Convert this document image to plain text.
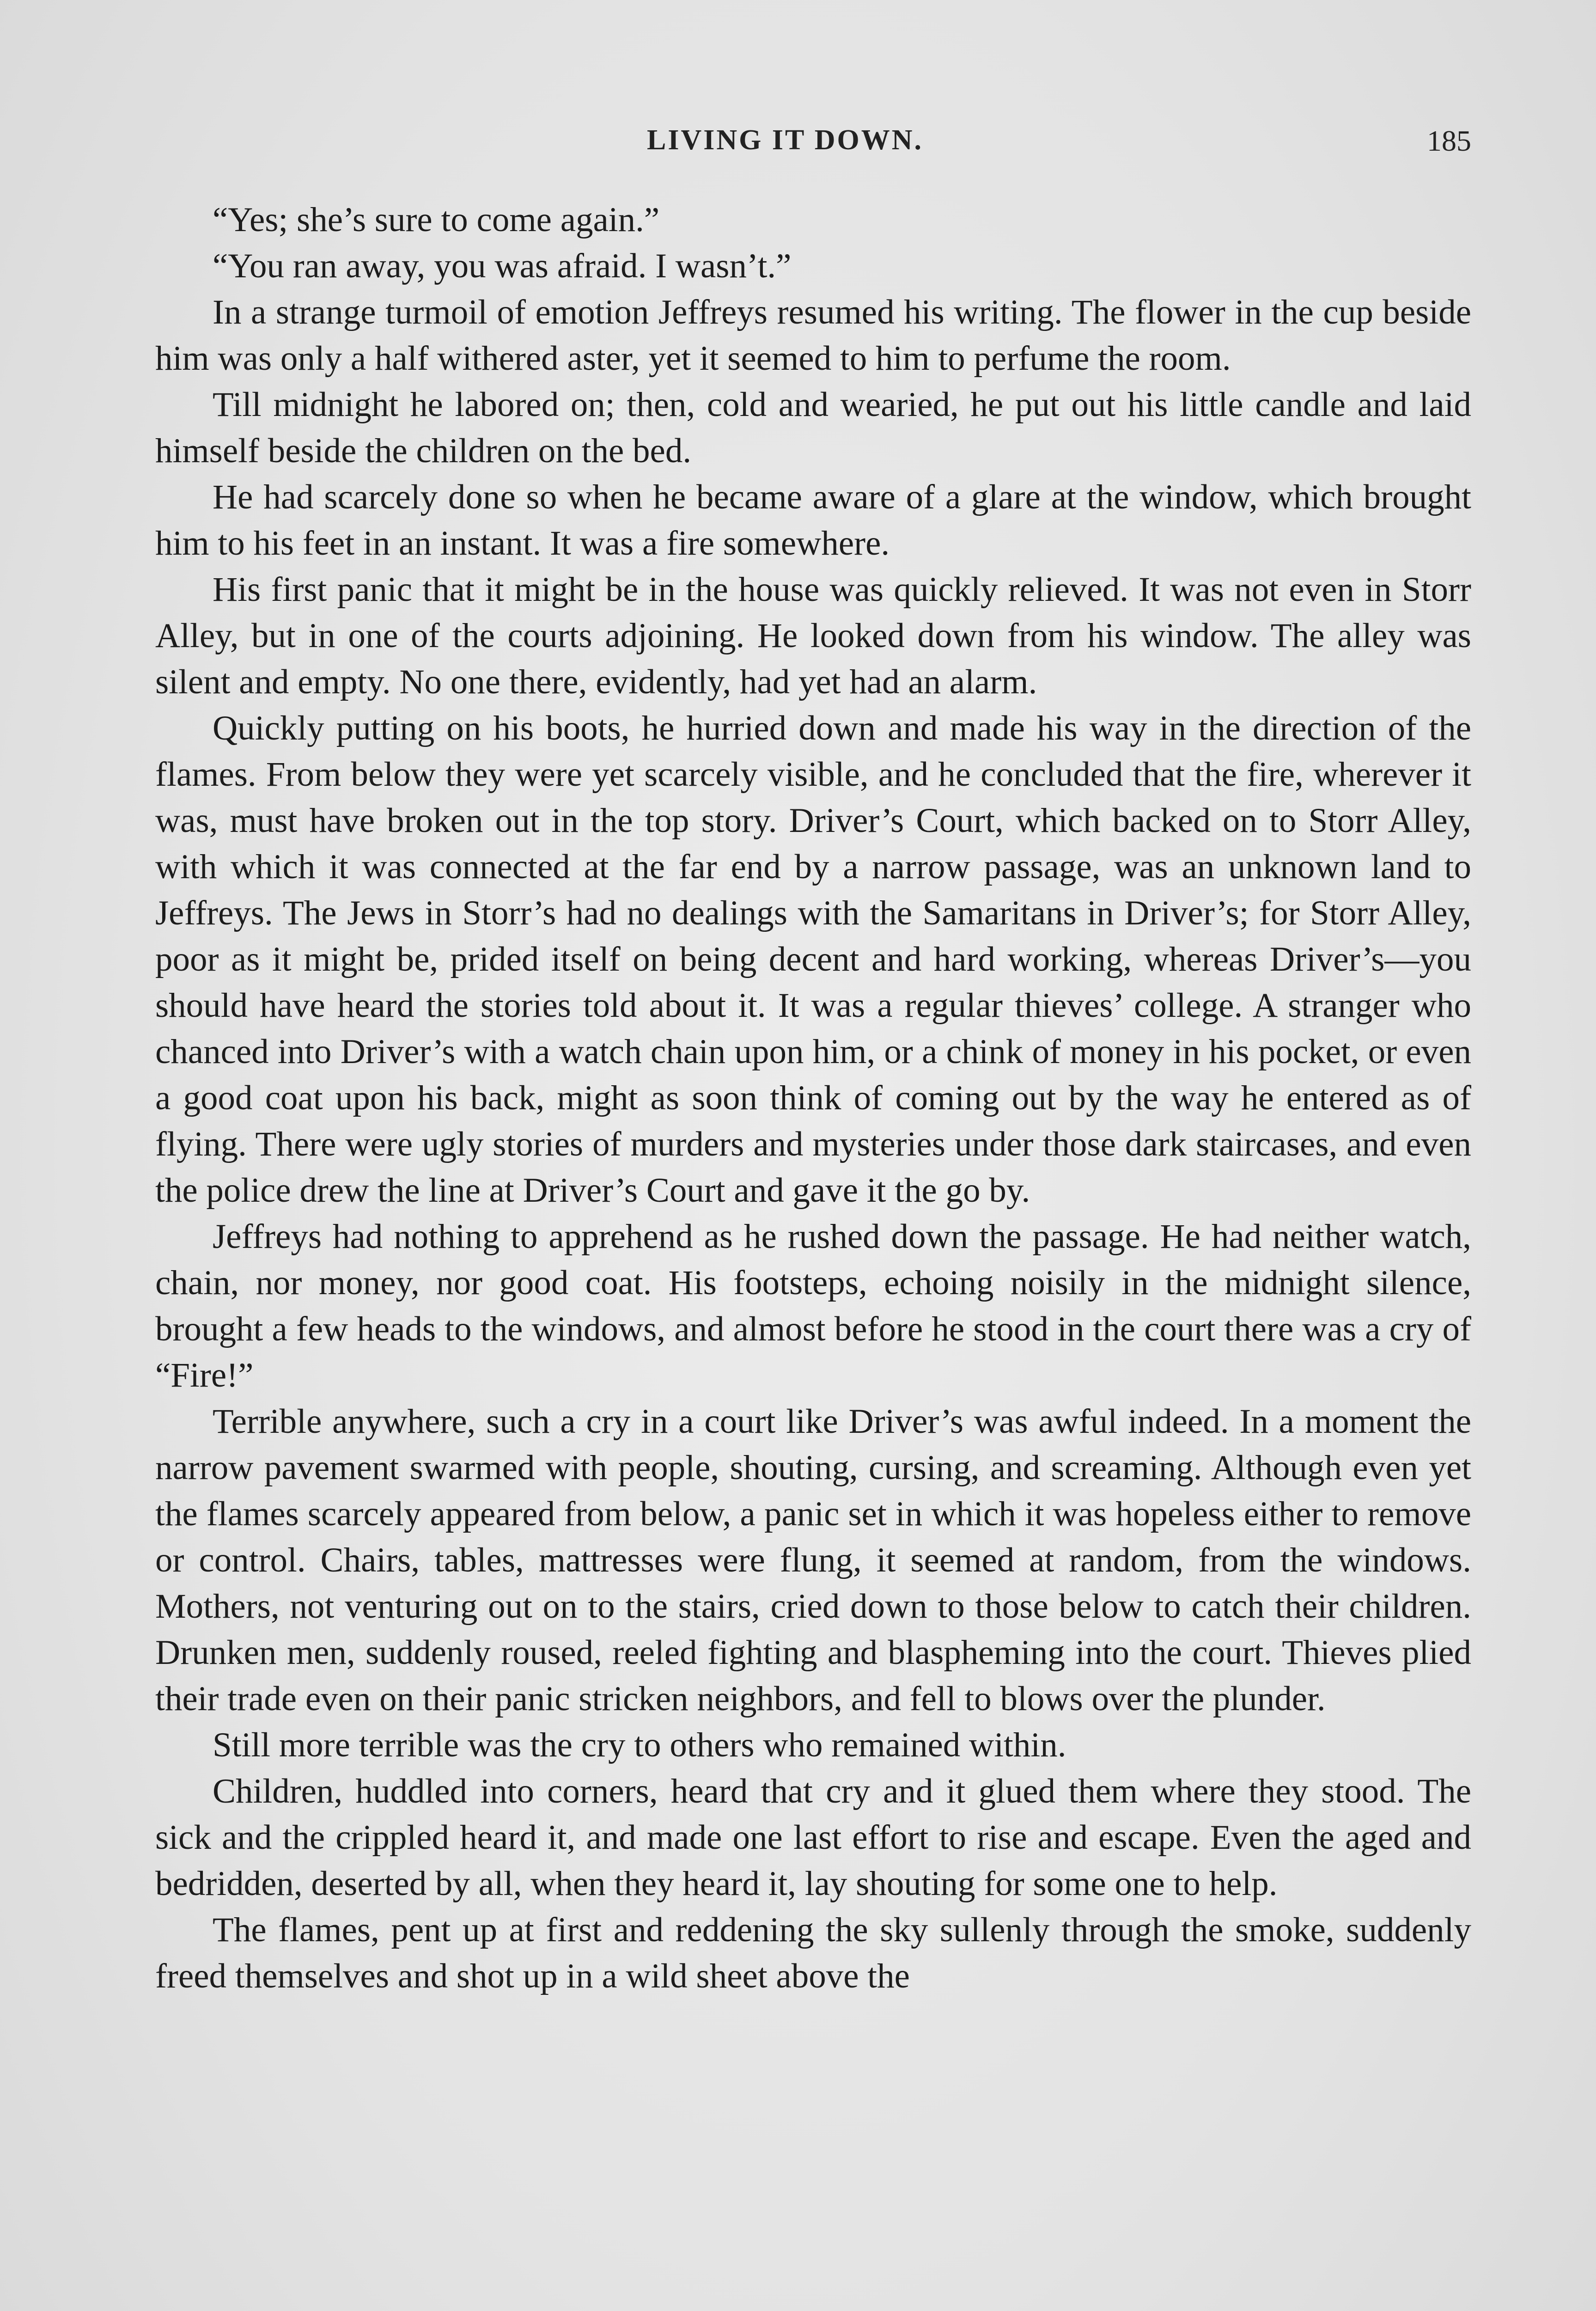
LIVING IT DOWN.	185

“Yes; she’s sure to come again.”

“You ran away, you was afraid. I wasn’t.”

In a strange turmoil of emotion Jeffreys resumed his writing. The flower in the cup beside him was only a half withered aster, yet it seemed to him to perfume the room.

Till midnight he labored on; then, cold and wearied, he put out his little candle and laid himself beside the children on the bed.

He had scarcely done so when he became aware of a glare at the window, which brought him to his feet in an instant. It was a fire somewhere.

His first panic that it might be in the house was quickly relieved. It was not even in Storr Alley, but in one of the courts adjoining. He looked down from his window. The alley was silent and empty. No one there, evidently, had yet had an alarm.

Quickly putting on his boots, he hurried down and made his way in the direction of the flames. From below they were yet scarcely visible, and he concluded that the fire, wherever it was, must have broken out in the top story. Driver’s Court, which backed on to Storr Alley, with which it was connected at the far end by a narrow passage, was an unknown land to Jeffreys. The Jews in Storr’s had no dealings with the Samaritans in Driver’s; for Storr Alley, poor as it might be, prided itself on being decent and hard working, whereas Driver’s—you should have heard the stories told about it. It was a regular thieves’ college. A stranger who chanced into Driver’s with a watch chain upon him, or a chink of money in his pocket, or even a good coat upon his back, might as soon think of coming out by the way he entered as of flying. There were ugly stories of murders and mysteries under those dark staircases, and even the police drew the line at Driver’s Court and gave it the go by.

Jeffreys had nothing to apprehend as he rushed down the passage. He had neither watch, chain, nor money, nor good coat. His footsteps, echoing noisily in the midnight silence, brought a few heads to the windows, and almost before he stood in the court there was a cry of “Fire!”

Terrible anywhere, such a cry in a court like Driver’s was awful indeed. In a moment the narrow pavement swarmed with people, shouting, cursing, and screaming. Although even yet the flames scarcely appeared from below, a panic set in which it was hopeless either to remove or control. Chairs, tables, mattresses were flung, it seemed at random, from the windows. Mothers, not venturing out on to the stairs, cried down to those below to catch their children. Drunken men, suddenly roused, reeled fighting and blaspheming into the court. Thieves plied their trade even on their panic stricken neighbors, and fell to blows over the plunder.

Still more terrible was the cry to others who remained within.

Children, huddled into corners, heard that cry and it glued them where they stood. The sick and the crippled heard it, and made one last effort to rise and escape. Even the aged and bedridden, deserted by all, when they heard it, lay shouting for some one to help.

The flames, pent up at first and reddening the sky sullenly through the smoke, suddenly freed themselves and shot up in a wild sheet above the
